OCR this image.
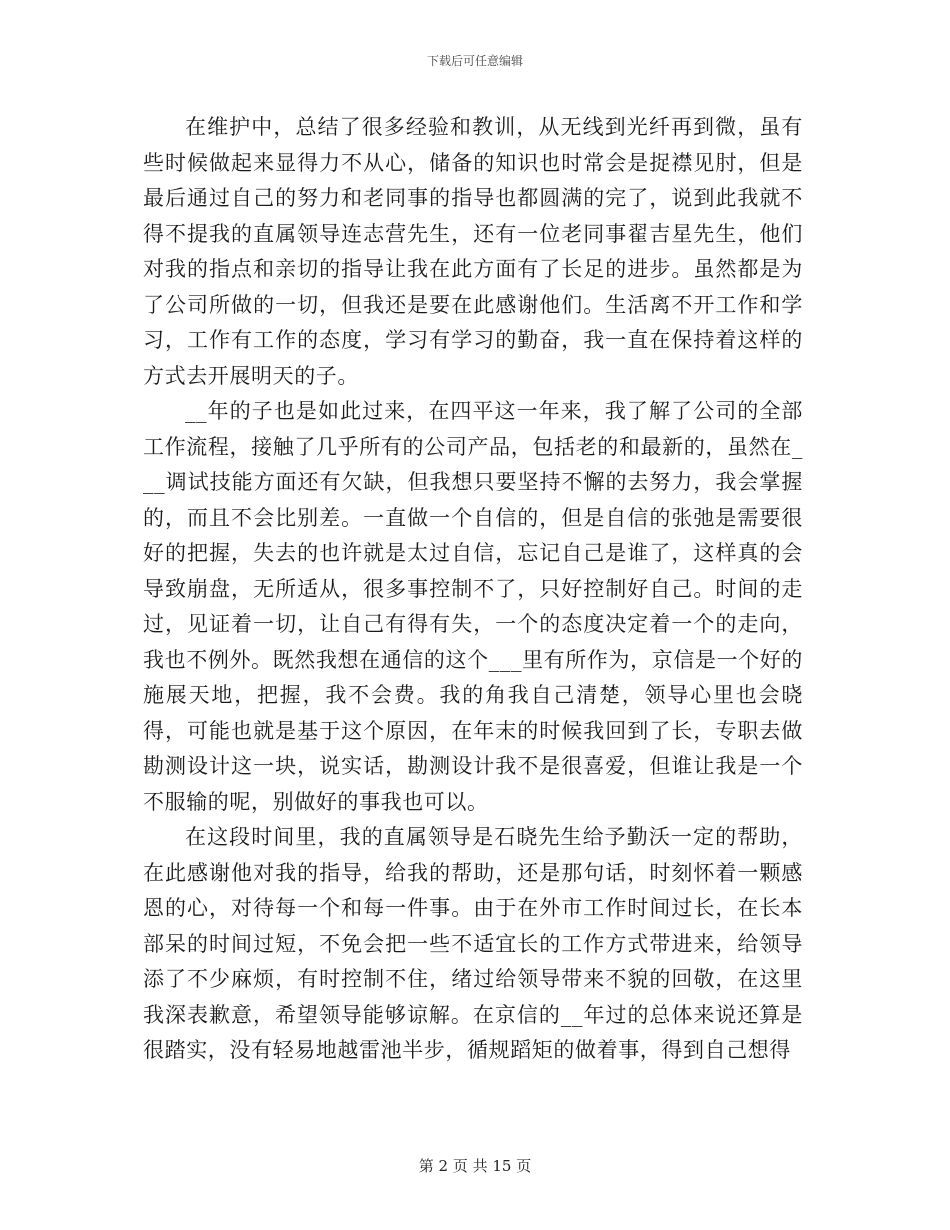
下载后可任意编辑

在维护中，总结了很多经验和教训，从无线到光纤再到微，虽有些时候做起来显得力不从心，储备的知识也时常会是捉襟见肘，但是最后通过自己的努力和老同事的指导也都圆满的完了，说到此我就不得不提我的直属领导连志营先生，还有一位老同事翟吉星先生，他们对我的指点和亲切的指导让我在此方面有了长足的进步。虽然都是为了公司所做的一切，但我还是要在此感谢他们。生活离不开工作和学习，工作有工作的态度，学习有学习的勤奋，我一直在保持着这样的方式去开展明天的子。

__年的子也是如此过来，在四平这一年来，我了解了公司的全部工作流程，接触了几乎所有的公司产品，包括老的和最新的，虽然在___调试技能方面还有欠缺，但我想只要坚持不懈的去努力，我会掌握的，而且不会比别差。一直做一个自信的，但是自信的张弛是需要很好的把握，失去的也许就是太过自信，忘记自己是谁了，这样真的会导致崩盘，无所适从，很多事控制不了，只好控制好自己。时间的走过，见证着一切，让自己有得有失，一个的态度决定着一个的走向，我也不例外。既然我想在通信的这个___里有所作为，京信是一个好的施展天地，把握，我不会费。我的角我自己清楚，领导心里也会晓得，可能也就是基于这个原因，在年末的时候我回到了长，专职去做勘测设计这一块，说实话，勘测设计我不是很喜爱，但谁让我是一个不服输的呢，别做好的事我也可以。

在这段时间里，我的直属领导是石晓先生给予勤沃一定的帮助，在此感谢他对我的指导，给我的帮助，还是那句话，时刻怀着一颗感恩的心，对待每一个和每一件事。由于在外市工作时间过长，在长本部呆的时间过短，不免会把一些不适宜长的工作方式带进来，给领导添了不少麻烦，有时控制不住，绪过给领导带来不貌的回敬，在这里我深表歉意，希望领导能够谅解。在京信的__年过的总体来说还算是很踏实，没有轻易地越雷池半步，循规蹈矩的做着事，得到自己想得

第 2 页 共 15 页
